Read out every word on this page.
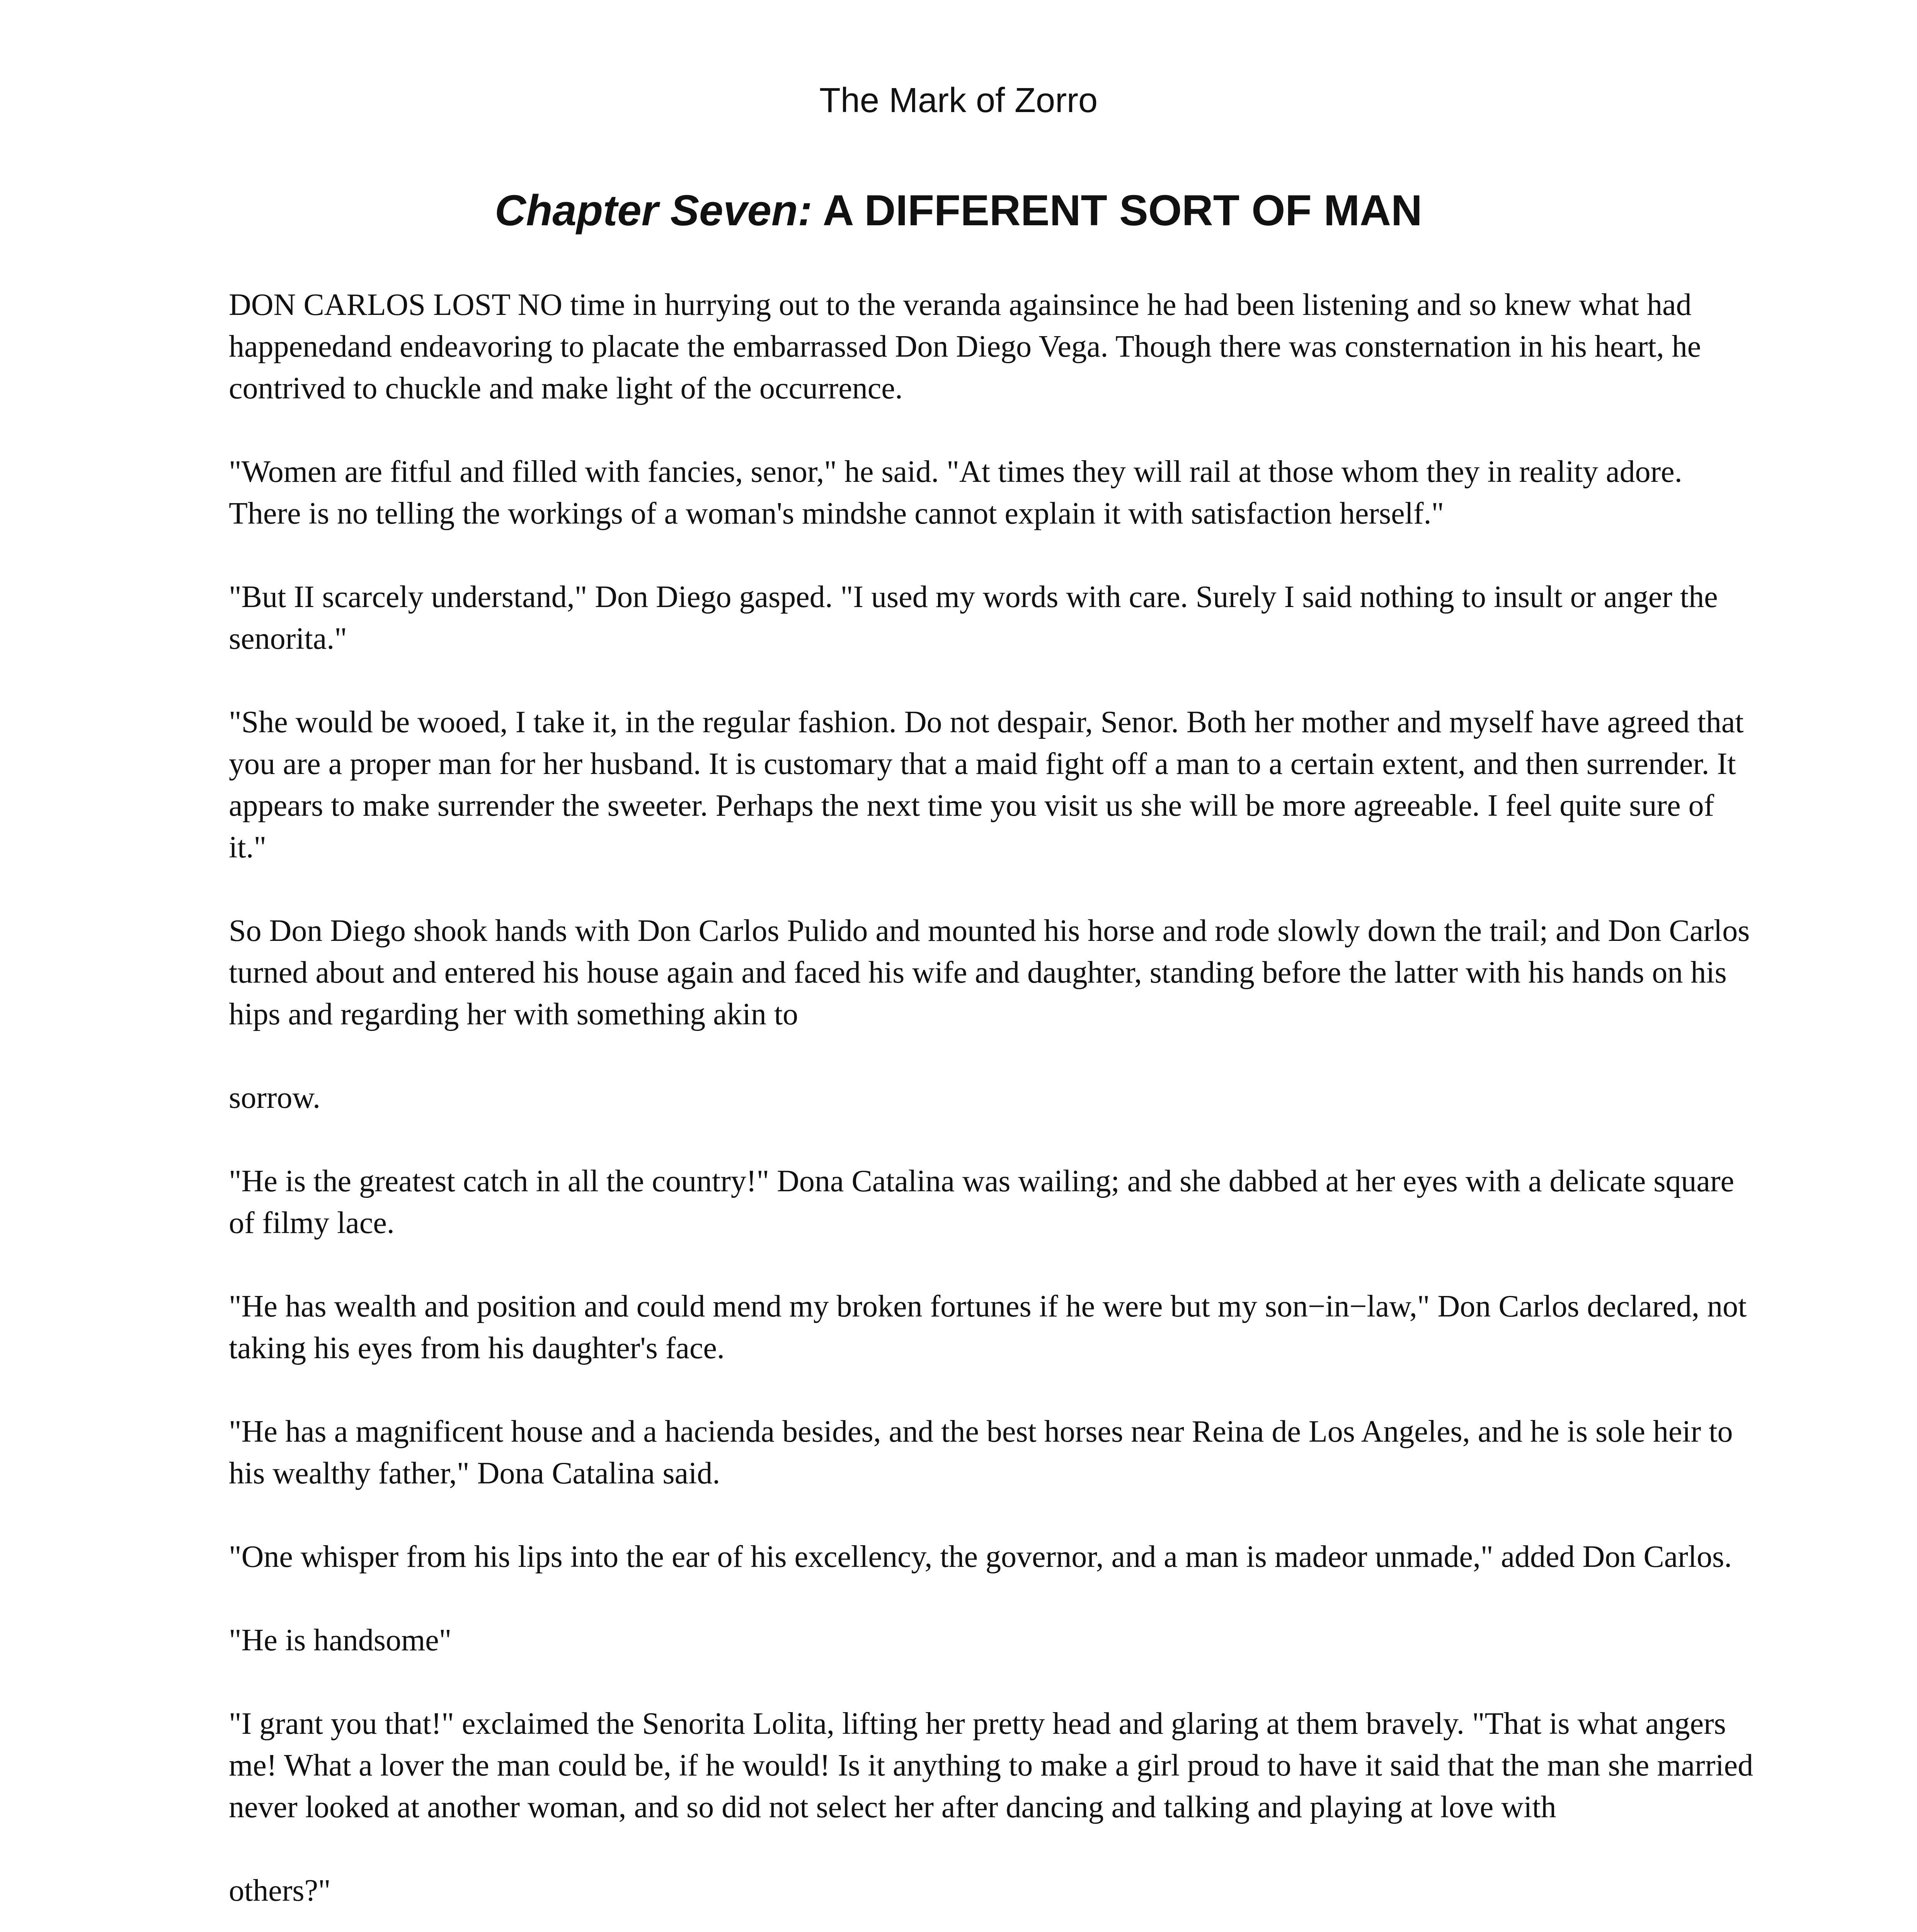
The Mark of Zorro
Chapter Seven: A DIFFERENT SORT OF MAN

DON CARLOS LOST NO time in hurrying out to the veranda againsince he had been listening and so knew what had happenedand endeavoring to placate the embarrassed Don Diego Vega. Though there was consternation in his heart, he contrived to chuckle and make light of the occurrence.

"Women are fitful and filled with fancies, senor," he said. "At times they will rail at those whom they in reality adore. There is no telling the workings of a woman's mindshe cannot explain it with satisfaction herself."

"But II scarcely understand," Don Diego gasped. "I used my words with care. Surely I said nothing to insult or anger the senorita."

"She would be wooed, I take it, in the regular fashion. Do not despair, Senor. Both her mother and myself have agreed that you are a proper man for her husband. It is customary that a maid fight off a man to a certain extent, and then surrender. It appears to make surrender the sweeter. Perhaps the next time you visit us she will be more agreeable. I feel quite sure of it."

So Don Diego shook hands with Don Carlos Pulido and mounted his horse and rode slowly down the trail; and Don Carlos turned about and entered his house again and faced his wife and daughter, standing before the latter with his hands on his hips and regarding her with something akin to

sorrow.

"He is the greatest catch in all the country!" Dona Catalina was wailing; and she dabbed at her eyes with a delicate square of filmy lace.

"He has wealth and position and could mend my broken fortunes if he were but my son−in−law," Don Carlos declared, not taking his eyes from his daughter's face.

"He has a magnificent house and a hacienda besides, and the best horses near Reina de Los Angeles, and he is sole heir to his wealthy father," Dona Catalina said.

"One whisper from his lips into the ear of his excellency, the governor, and a man is madeor unmade," added Don Carlos.

"He is handsome"

"I grant you that!" exclaimed the Senorita Lolita, lifting her pretty head and glaring at them bravely. "That is what angers me! What a lover the man could be, if he would! Is it anything to make a girl proud to have it said that the man she married never looked at another woman, and so did not select her after dancing and talking and playing at love with

others?"
